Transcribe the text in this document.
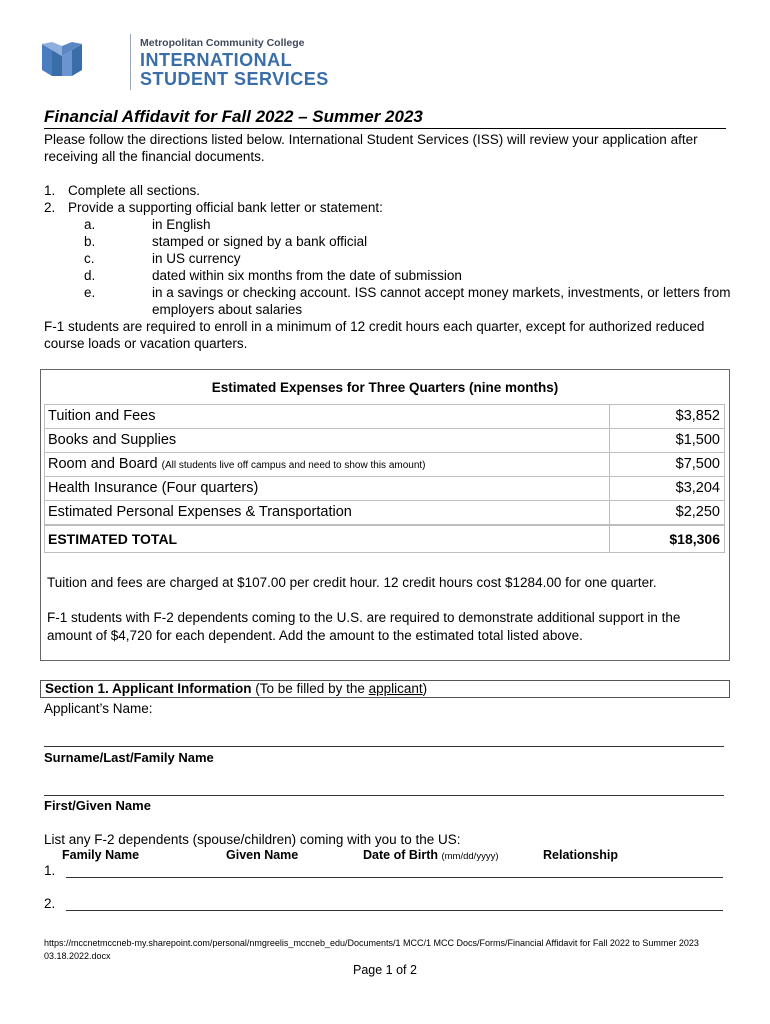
Metropolitan Community College
INTERNATIONAL
STUDENT SERVICES
Financial Affidavit for Fall 2022 – Summer 2023
Please follow the directions listed below. International Student Services (ISS) will review your application after receiving all the financial documents.
1. Complete all sections.
2. Provide a supporting official bank letter or statement:
a.	in English
b.	stamped or signed by a bank official
c.	in US currency
d.	dated within six months from the date of submission
e.	in a savings or checking account. ISS cannot accept money markets, investments, or letters from employers about salaries
F-1 students are required to enroll in a minimum of 12 credit hours each quarter, except for authorized reduced course loads or vacation quarters.
Estimated Expenses for Three Quarters (nine months)
Tuition and Fees	$3,852
Books and Supplies	$1,500
Room and Board (All students live off campus and need to show this amount)	$7,500
Health Insurance (Four quarters)	$3,204
Estimated Personal Expenses & Transportation	$2,250
ESTIMATED TOTAL	$18,306
Tuition and fees are charged at $107.00 per credit hour. 12 credit hours cost $1284.00 for one quarter.
F-1 students with F-2 dependents coming to the U.S. are required to demonstrate additional support in the amount of $4,720 for each dependent. Add the amount to the estimated total listed above.
Section 1. Applicant Information (To be filled by the applicant)
Applicant’s Name:
Surname/Last/Family Name
First/Given Name
List any F-2 dependents (spouse/children) coming with you to the US:
Family Name	Given Name	Date of Birth (mm/dd/yyyy)	Relationship
1.
2.
https://mccnetmccneb-my.sharepoint.com/personal/nmgreelis_mccneb_edu/Documents/1 MCC/1 MCC Docs/Forms/Financial Affidavit for Fall 2022 to Summer 2023 03.18.2022.docx
Page 1 of 2
